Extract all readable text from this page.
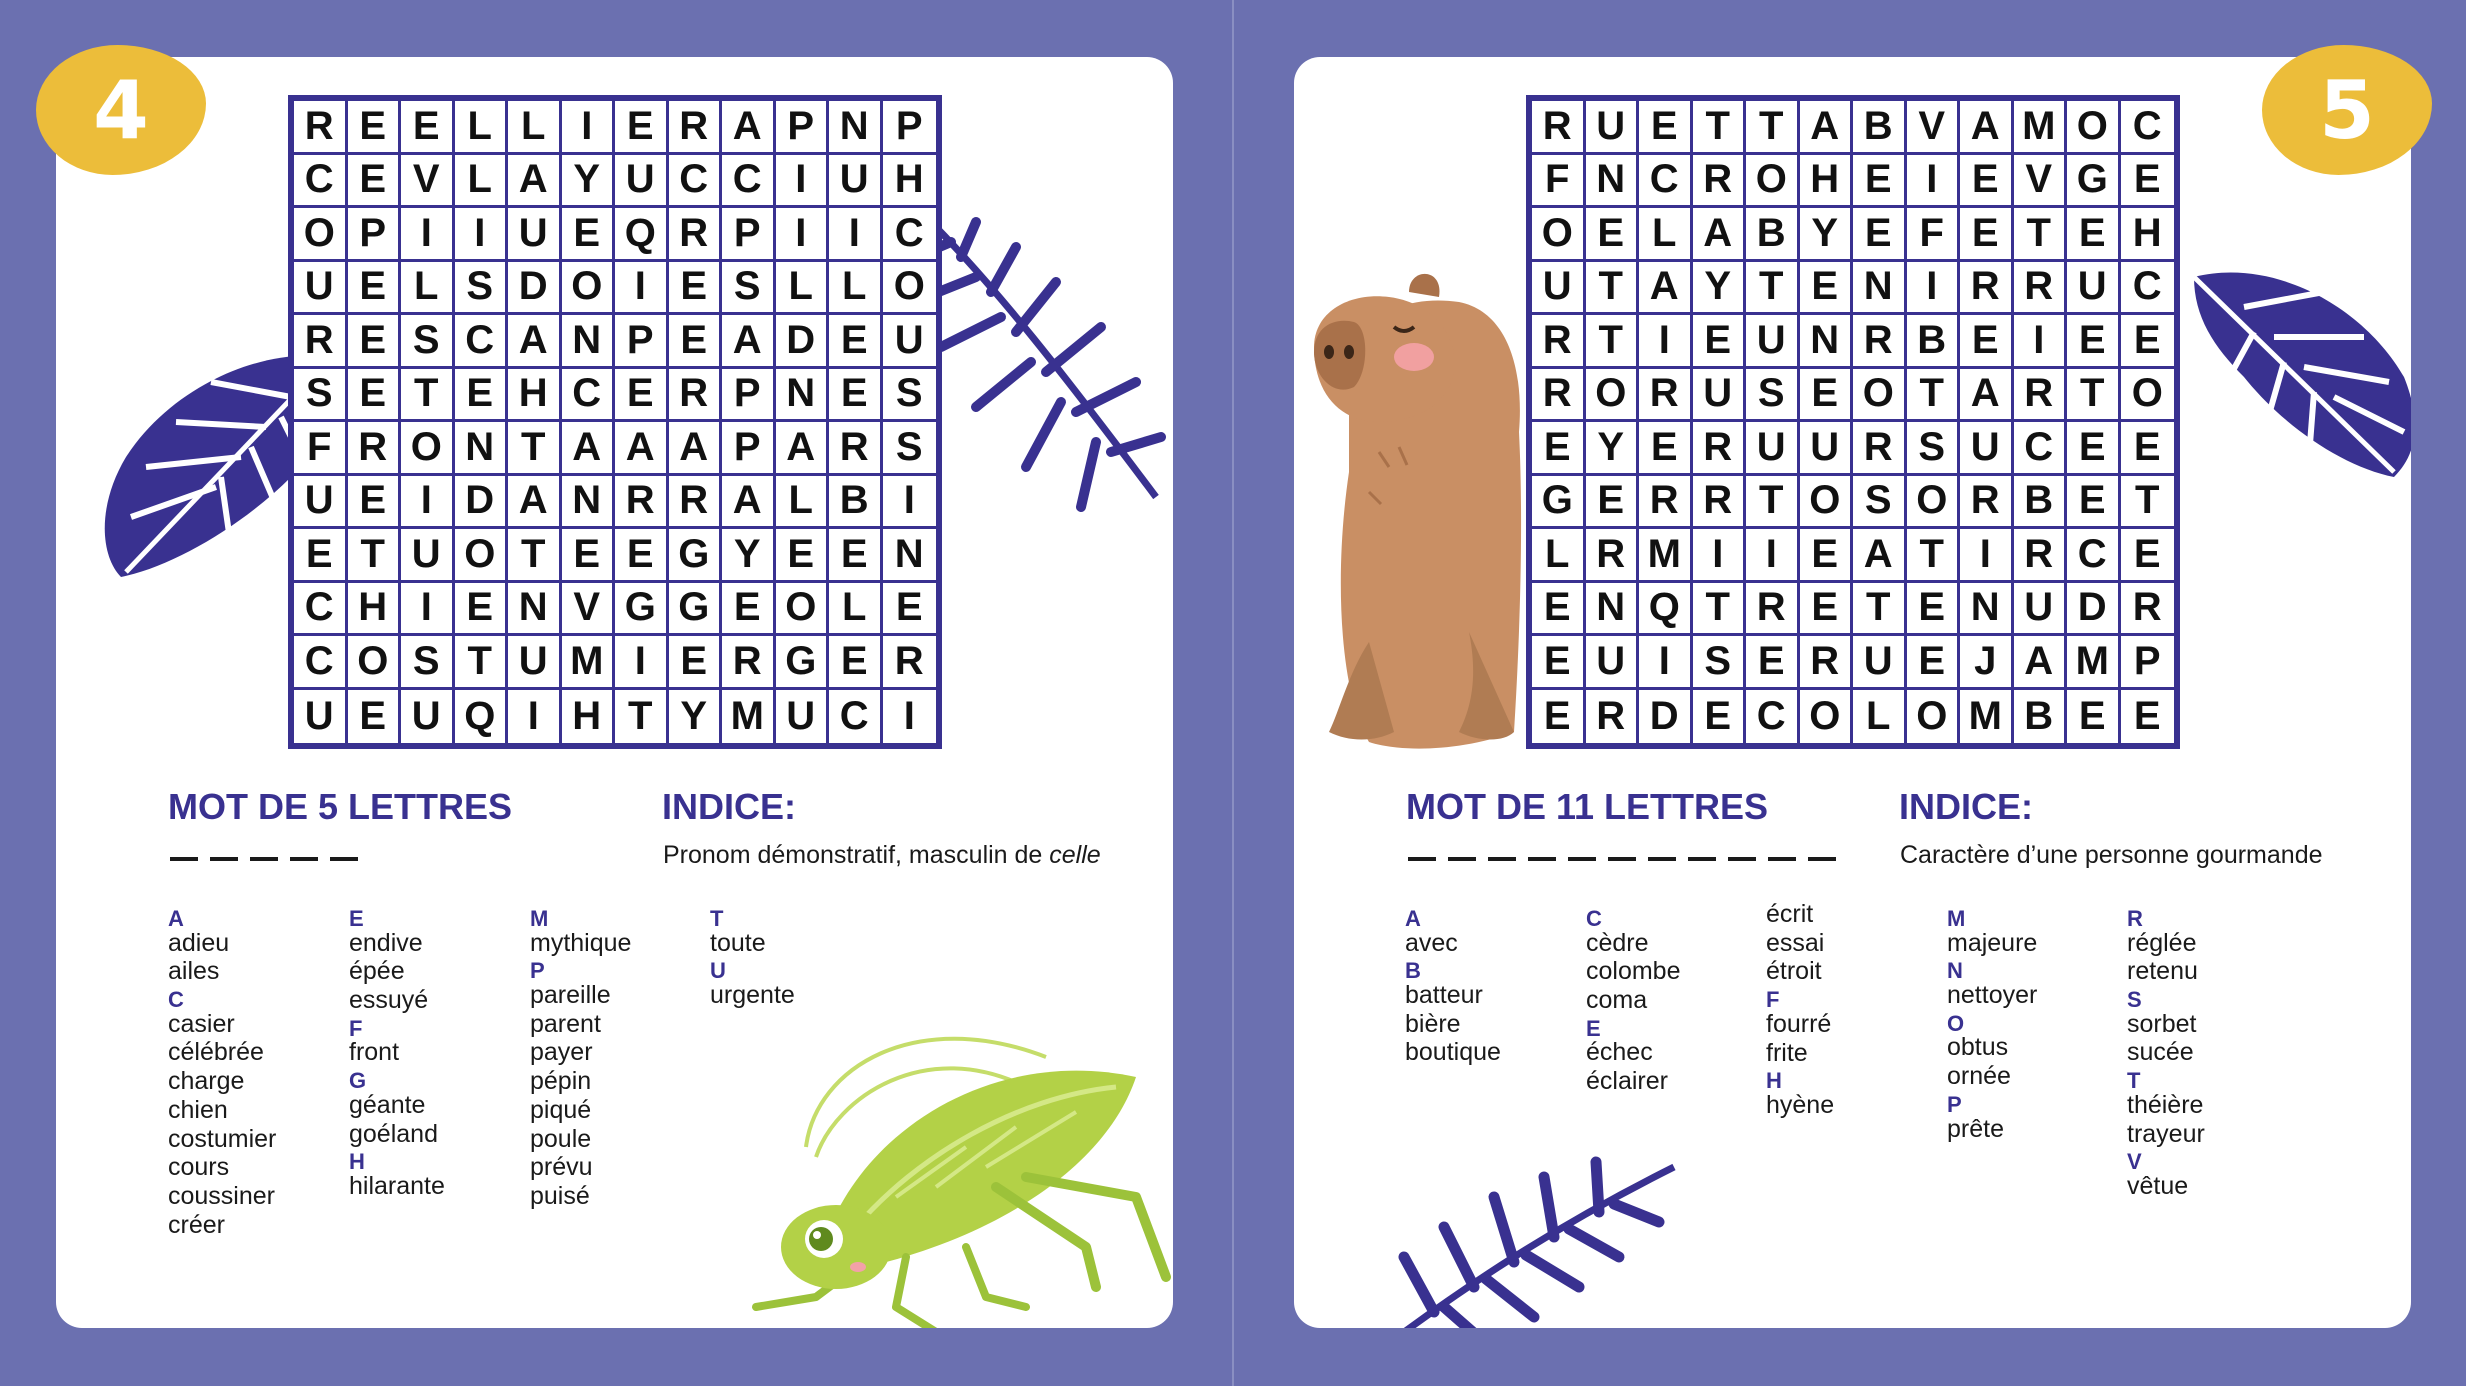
4	R E E L L I E R A P N P
C E V L A Y U C C I U H
O P I	I U E Q R P I	I C
U E L S D O I E S L L O
R E S C A N P E A D E U
S E T E H C E R P N E S
F R O N T A A A P A R S
U E I D A N R R A L B I
E T U O T E E G Y E E N
C H I E N V G G E O L E
C O S T U M I E R G E R
U E U Q I H T Y M U C I
MOT DE 5 LETTRES	INDICE:
Pronom démonstratif, masculin de celle
A
adieu
ailes
C
casier
célébrée
charge
chien
costumier
cours
coussiner
créer
E
endive
épée
essuyé
F
front
G
géante
goéland
H
hilarante
M
mythique
P
pareille
parent
payer
pépin
piqué
poule
prévu
puisé
T
toute
U
urgente
5
R U E T T A B V A M O C
F N C R O H E I E V G E
O E L A B Y E F E T E H
U T A Y T E N I R R U C
R T I E U N R B E I E E
R O R U S E O T A R T O
E Y E R U U R S U C E E
G E R R T O S O R B E T
L R M I	I E A T I R C E
E N Q T R E T E N U D R
E U I S E R U E J A M P
E R D E C O L O M B E E
MOT DE 11 LETTRES	INDICE:
Caractère d’une personne gourmande
A
avec
B
batteur
bière
boutique
C
cèdre
colombe
coma
E
échec
éclairer
écrit
essai
étroit
F
fourré
frite
H
hyène
M
majeure
N
nettoyer
O
obtus
ornée
P
prête
R
réglée
retenu
S
sorbet
sucée
T
théière
trayeur
V
vêtue
